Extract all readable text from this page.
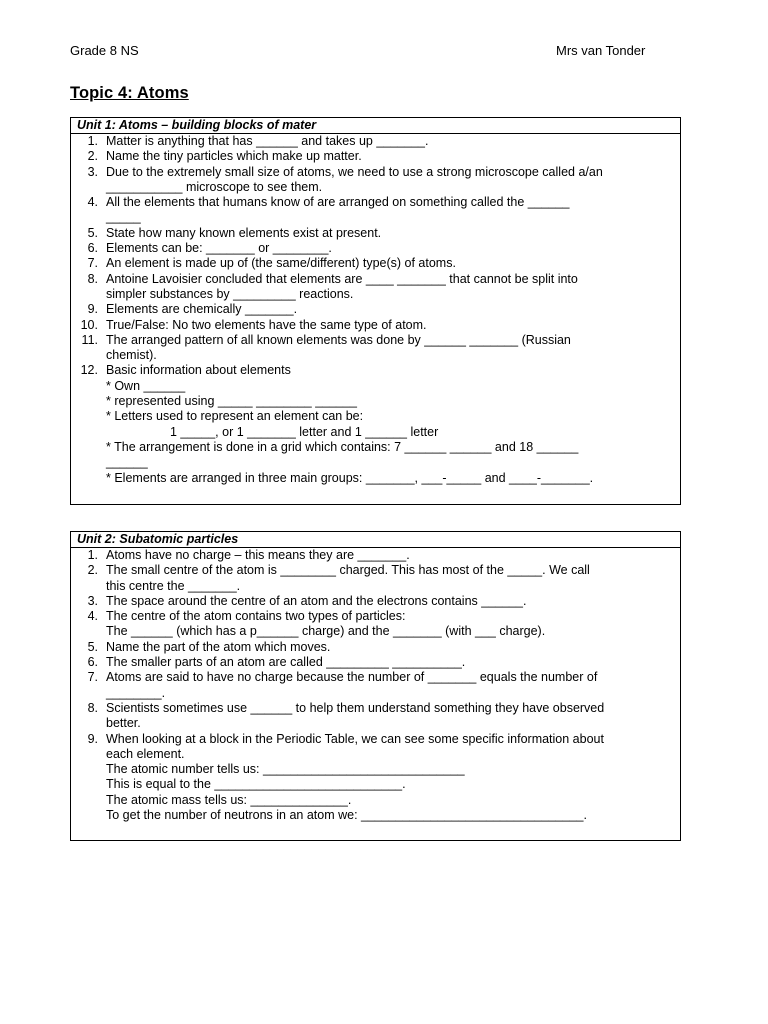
Grade 8 NS	Mrs van Tonder
Topic 4: Atoms
Unit 1: Atoms – building blocks of mater
1. Matter is anything that has ______ and takes up _______.
2. Name the tiny particles which make up matter.
3. Due to the extremely small size of atoms, we need to use a strong microscope called a/an
___________ microscope to see them.
4. All the elements that humans know of are arranged on something called the ______
_____
5. State how many known elements exist at present.
6. Elements can be: _______ or ________.
7. An element is made up of (the same/different) type(s) of atoms.
8. Antoine Lavoisier concluded that elements are ____ _______ that cannot be split into
simpler substances by _________ reactions.
9. Elements are chemically _______.
10. True/False: No two elements have the same type of atom.
11. The arranged pattern of all known elements was done by ______ _______ (Russian
chemist).
12. Basic information about elements
* Own ______
* represented using _____ ________ ______
* Letters used to represent an element can be:
1 _____, or 1 _______ letter and 1 ______ letter
* The arrangement is done in a grid which contains: 7 ______ ______ and 18 ______
______
* Elements are arranged in three main groups: _______, ___-_____ and ____-_______.
Unit 2: Subatomic particles
1. Atoms have no charge – this means they are _______.
2. The small centre of the atom is ________ charged. This has most of the _____. We call
this centre the _______.
3. The space around the centre of an atom and the electrons contains ______.
4. The centre of the atom contains two types of particles:
The ______ (which has a p______ charge) and the _______ (with ___ charge).
5. Name the part of the atom which moves.
6. The smaller parts of an atom are called _________ __________.
7. Atoms are said to have no charge because the number of _______ equals the number of
________.
8. Scientists sometimes use ______ to help them understand something they have observed
better.
9. When looking at a block in the Periodic Table, we can see some specific information about
each element.
The atomic number tells us: _____________________________
This is equal to the ___________________________.
The atomic mass tells us: ______________.
To get the number of neutrons in an atom we: ________________________________.
